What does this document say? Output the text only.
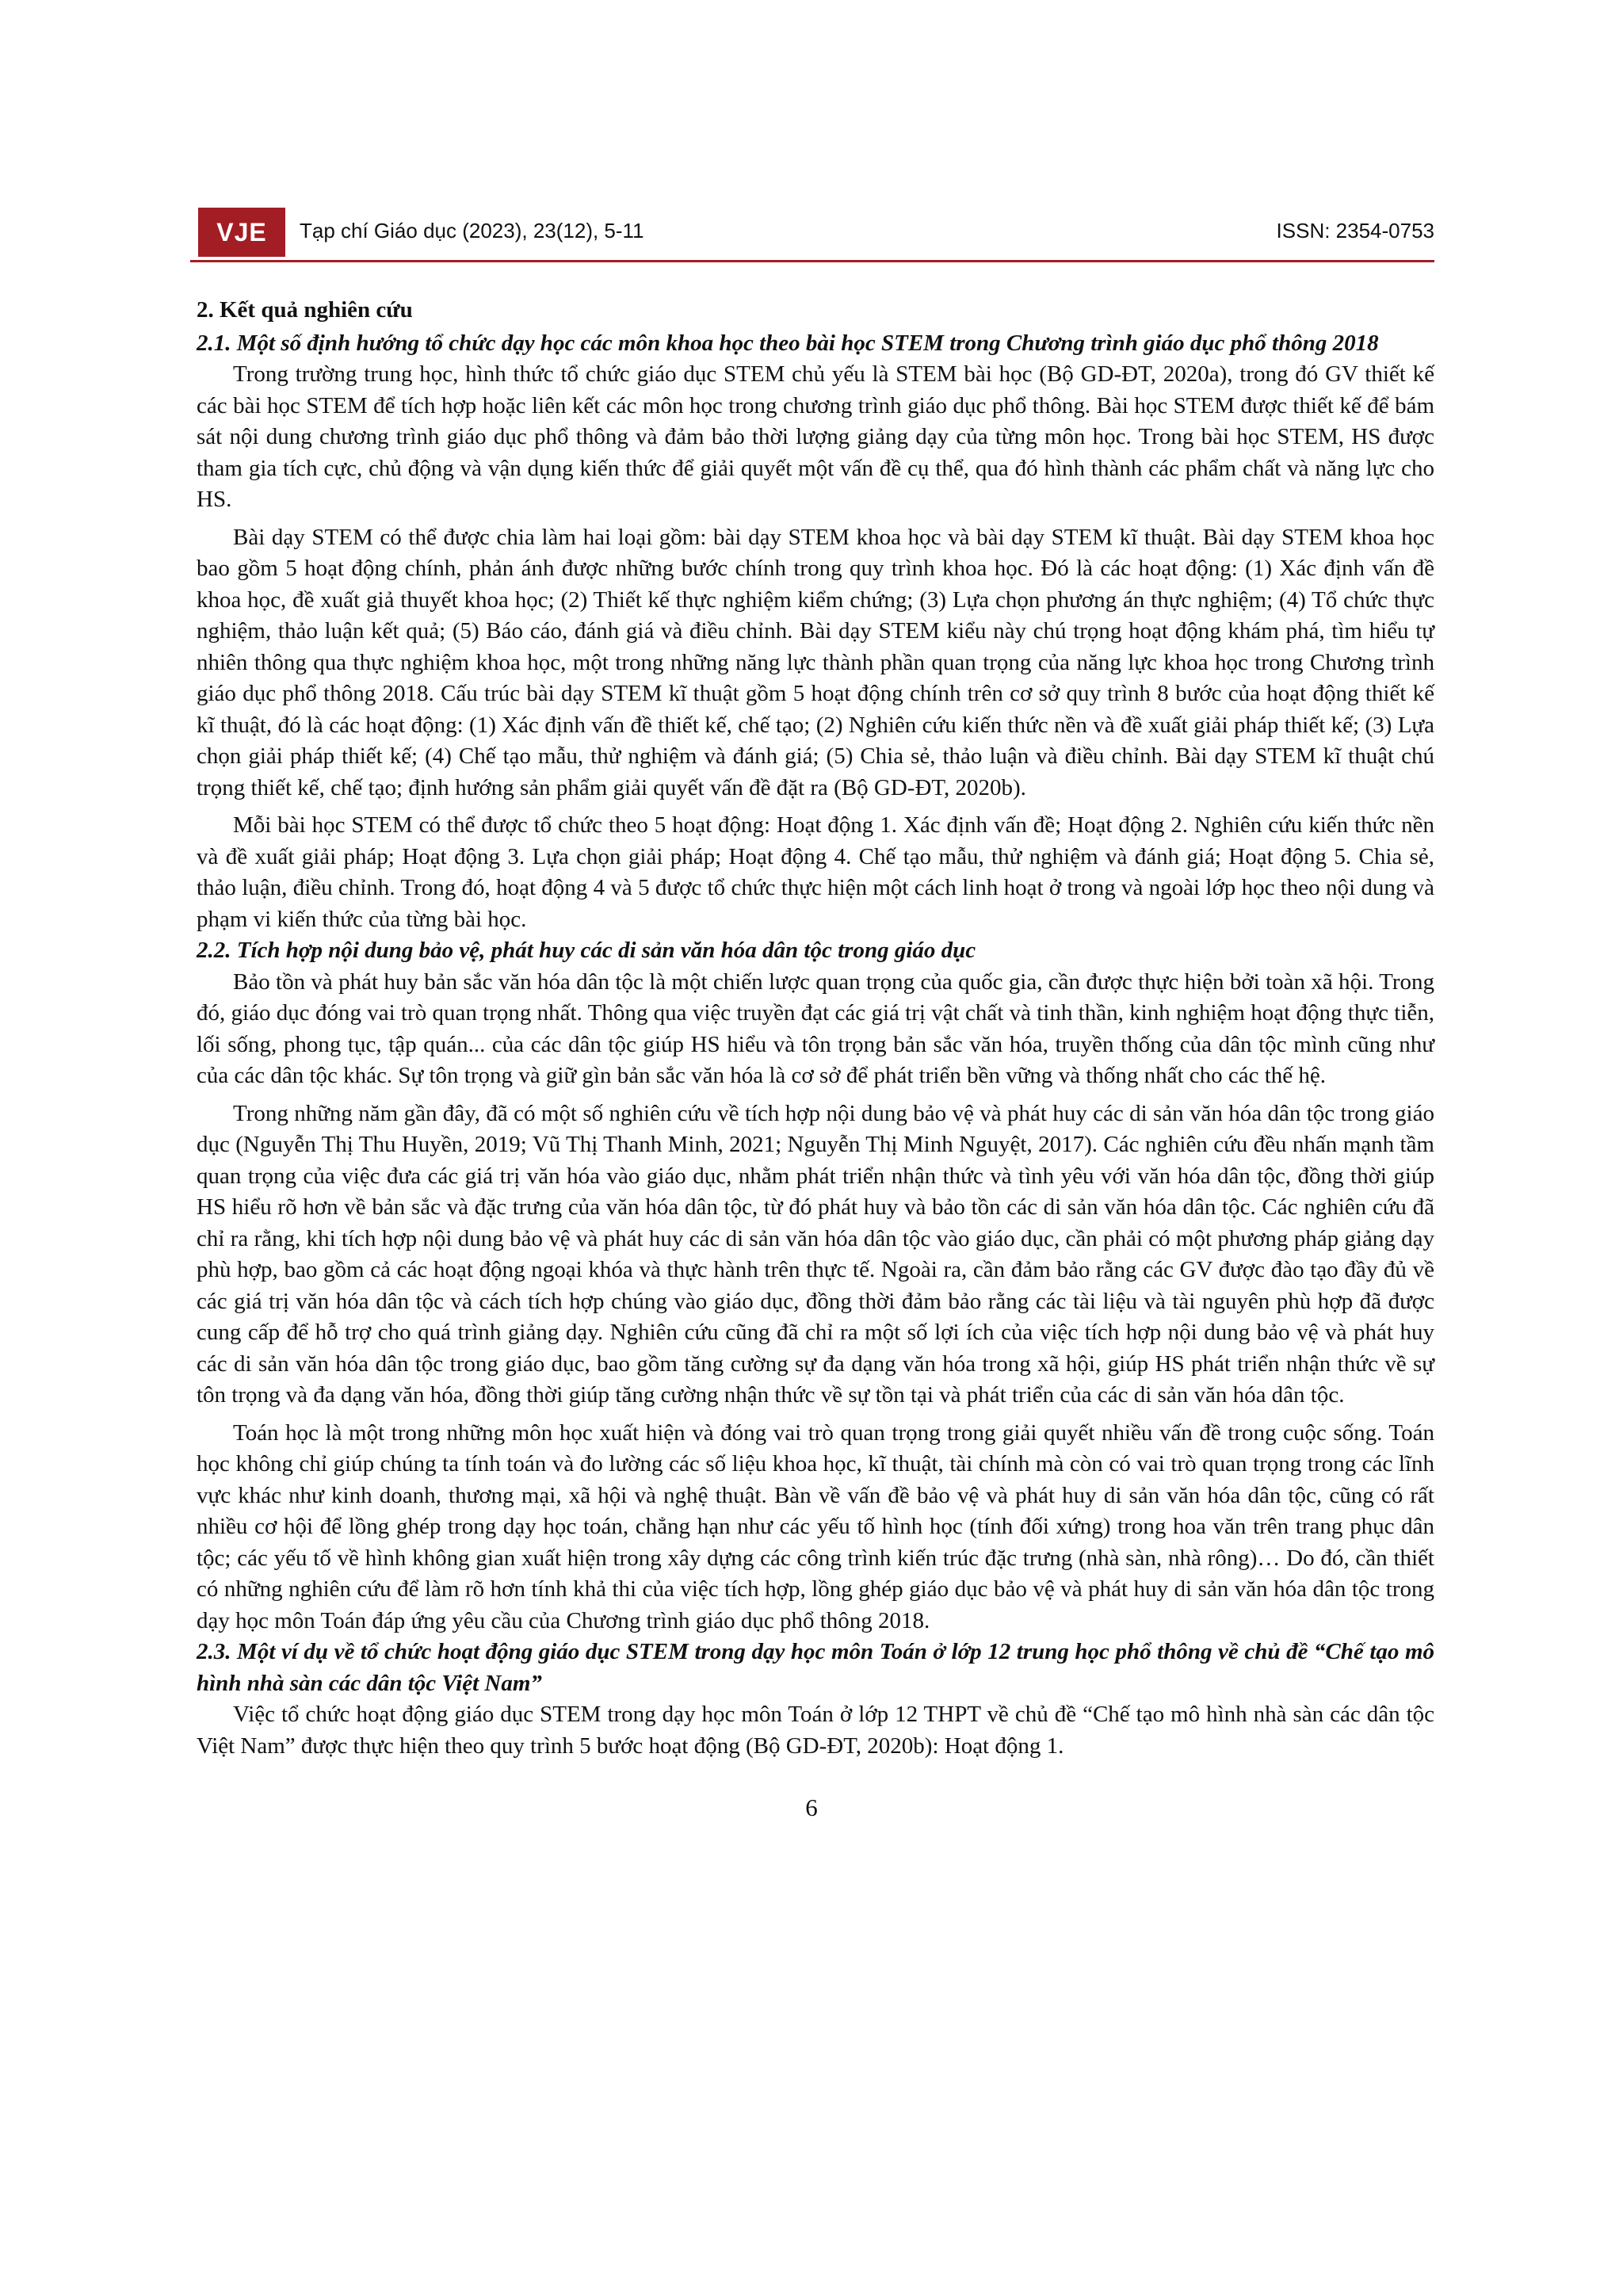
VJE	Tạp chí Giáo dục (2023), 23(12), 5-11	ISSN: 2354-0753
2. Kết quả nghiên cứu
2.1. Một số định hướng tổ chức dạy học các môn khoa học theo bài học STEM trong Chương trình giáo dục phổ thông 2018

Trong trường trung học, hình thức tổ chức giáo dục STEM chủ yếu là STEM bài học (Bộ GD-ĐT, 2020a), trong đó GV thiết kế các bài học STEM để tích hợp hoặc liên kết các môn học trong chương trình giáo dục phổ thông. Bài học STEM được thiết kế để bám sát nội dung chương trình giáo dục phổ thông và đảm bảo thời lượng giảng dạy của từng môn học. Trong bài học STEM, HS được tham gia tích cực, chủ động và vận dụng kiến thức để giải quyết một vấn đề cụ thể, qua đó hình thành các phẩm chất và năng lực cho HS.

Bài dạy STEM có thể được chia làm hai loại gồm: bài dạy STEM khoa học và bài dạy STEM kĩ thuật. Bài dạy STEM khoa học bao gồm 5 hoạt động chính, phản ánh được những bước chính trong quy trình khoa học. Đó là các hoạt động: (1) Xác định vấn đề khoa học, đề xuất giả thuyết khoa học; (2) Thiết kế thực nghiệm kiểm chứng; (3) Lựa chọn phương án thực nghiệm; (4) Tổ chức thực nghiệm, thảo luận kết quả; (5) Báo cáo, đánh giá và điều chỉnh. Bài dạy STEM kiểu này chú trọng hoạt động khám phá, tìm hiểu tự nhiên thông qua thực nghiệm khoa học, một trong những năng lực thành phần quan trọng của năng lực khoa học trong Chương trình giáo dục phổ thông 2018. Cấu trúc bài dạy STEM kĩ thuật gồm 5 hoạt động chính trên cơ sở quy trình 8 bước của hoạt động thiết kế kĩ thuật, đó là các hoạt động: (1) Xác định vấn đề thiết kế, chế tạo; (2) Nghiên cứu kiến thức nền và đề xuất giải pháp thiết kế; (3) Lựa chọn giải pháp thiết kế; (4) Chế tạo mẫu, thử nghiệm và đánh giá; (5) Chia sẻ, thảo luận và điều chỉnh. Bài dạy STEM kĩ thuật chú trọng thiết kế, chế tạo; định hướng sản phẩm giải quyết vấn đề đặt ra (Bộ GD-ĐT, 2020b).

Mỗi bài học STEM có thể được tổ chức theo 5 hoạt động: Hoạt động 1. Xác định vấn đề; Hoạt động 2. Nghiên cứu kiến thức nền và đề xuất giải pháp; Hoạt động 3. Lựa chọn giải pháp; Hoạt động 4. Chế tạo mẫu, thử nghiệm và đánh giá; Hoạt động 5. Chia sẻ, thảo luận, điều chỉnh. Trong đó, hoạt động 4 và 5 được tổ chức thực hiện một cách linh hoạt ở trong và ngoài lớp học theo nội dung và phạm vi kiến thức của từng bài học.

2.2. Tích hợp nội dung bảo vệ, phát huy các di sản văn hóa dân tộc trong giáo dục

Bảo tồn và phát huy bản sắc văn hóa dân tộc là một chiến lược quan trọng của quốc gia, cần được thực hiện bởi toàn xã hội. Trong đó, giáo dục đóng vai trò quan trọng nhất. Thông qua việc truyền đạt các giá trị vật chất và tinh thần, kinh nghiệm hoạt động thực tiễn, lối sống, phong tục, tập quán... của các dân tộc giúp HS hiểu và tôn trọng bản sắc văn hóa, truyền thống của dân tộc mình cũng như của các dân tộc khác. Sự tôn trọng và giữ gìn bản sắc văn hóa là cơ sở để phát triển bền vững và thống nhất cho các thế hệ.

Trong những năm gần đây, đã có một số nghiên cứu về tích hợp nội dung bảo vệ và phát huy các di sản văn hóa dân tộc trong giáo dục (Nguyễn Thị Thu Huyền, 2019; Vũ Thị Thanh Minh, 2021; Nguyễn Thị Minh Nguyệt, 2017). Các nghiên cứu đều nhấn mạnh tầm quan trọng của việc đưa các giá trị văn hóa vào giáo dục, nhằm phát triển nhận thức và tình yêu với văn hóa dân tộc, đồng thời giúp HS hiểu rõ hơn về bản sắc và đặc trưng của văn hóa dân tộc, từ đó phát huy và bảo tồn các di sản văn hóa dân tộc. Các nghiên cứu đã chỉ ra rằng, khi tích hợp nội dung bảo vệ và phát huy các di sản văn hóa dân tộc vào giáo dục, cần phải có một phương pháp giảng dạy phù hợp, bao gồm cả các hoạt động ngoại khóa và thực hành trên thực tế. Ngoài ra, cần đảm bảo rằng các GV được đào tạo đầy đủ về các giá trị văn hóa dân tộc và cách tích hợp chúng vào giáo dục, đồng thời đảm bảo rằng các tài liệu và tài nguyên phù hợp đã được cung cấp để hỗ trợ cho quá trình giảng dạy. Nghiên cứu cũng đã chỉ ra một số lợi ích của việc tích hợp nội dung bảo vệ và phát huy các di sản văn hóa dân tộc trong giáo dục, bao gồm tăng cường sự đa dạng văn hóa trong xã hội, giúp HS phát triển nhận thức về sự tôn trọng và đa dạng văn hóa, đồng thời giúp tăng cường nhận thức về sự tồn tại và phát triển của các di sản văn hóa dân tộc.

Toán học là một trong những môn học xuất hiện và đóng vai trò quan trọng trong giải quyết nhiều vấn đề trong cuộc sống. Toán học không chỉ giúp chúng ta tính toán và đo lường các số liệu khoa học, kĩ thuật, tài chính mà còn có vai trò quan trọng trong các lĩnh vực khác như kinh doanh, thương mại, xã hội và nghệ thuật. Bàn về vấn đề bảo vệ và phát huy di sản văn hóa dân tộc, cũng có rất nhiều cơ hội để lồng ghép trong dạy học toán, chẳng hạn như các yếu tố hình học (tính đối xứng) trong hoa văn trên trang phục dân tộc; các yếu tố về hình không gian xuất hiện trong xây dựng các công trình kiến trúc đặc trưng (nhà sàn, nhà rông)… Do đó, cần thiết có những nghiên cứu để làm rõ hơn tính khả thi của việc tích hợp, lồng ghép giáo dục bảo vệ và phát huy di sản văn hóa dân tộc trong dạy học môn Toán đáp ứng yêu cầu của Chương trình giáo dục phổ thông 2018.

2.3. Một ví dụ về tổ chức hoạt động giáo dục STEM trong dạy học môn Toán ở lớp 12 trung học phổ thông về chủ đề “Chế tạo mô hình nhà sàn các dân tộc Việt Nam”

Việc tổ chức hoạt động giáo dục STEM trong dạy học môn Toán ở lớp 12 THPT về chủ đề “Chế tạo mô hình nhà sàn các dân tộc Việt Nam” được thực hiện theo quy trình 5 bước hoạt động (Bộ GD-ĐT, 2020b): Hoạt động 1.

6
